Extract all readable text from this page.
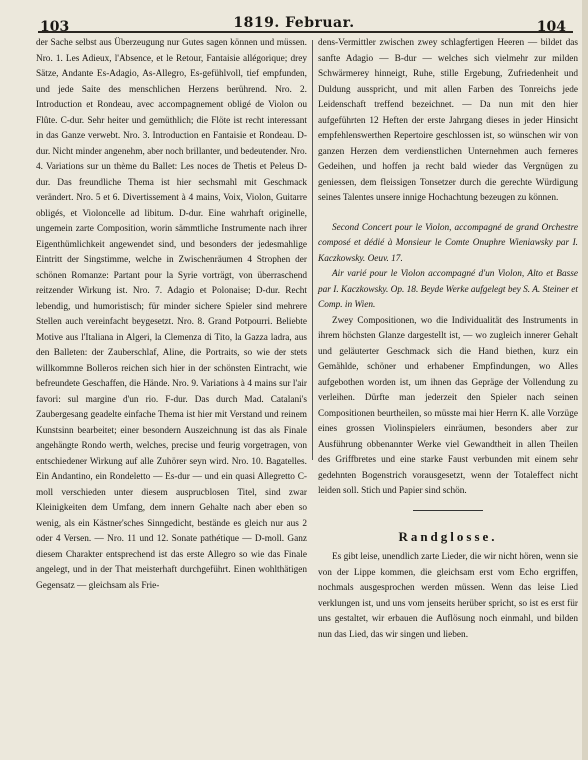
103	1819. Februar.	104

der Sache selbst aus Überzeugung nur Gutes sagen können und müssen. Nro. 1. Les Adieux, l'Absence, et le Retour, Fantaisie allégorique; drey Sätze, Andante Es-Adagio, As-Allegro, Es-gefühlvoll, tief empfunden, und jede Saite des menschlichen Herzens berührend. Nro. 2. Introduction et Rondeau, avec accompagnement obligé de Violon ou Flûte. C-dur. Sehr heiter und gemüthlich; die Flöte ist recht interessant in das Ganze verwebt. Nro. 3. Introduction en Fantaisie et Rondeau. D-dur. Nicht minder angenehm, aber noch brillanter, und bedeutender. Nro. 4. Variations sur un thème du Ballet: Les noces de Thetis et Peleus D-dur. Das freundliche Thema ist hier sechsmahl mit Geschmack verändert. Nro. 5 et 6. Divertissement à 4 mains, Voix, Violon, Guitarre obligés, et Violoncelle ad libitum. D-dur. Eine wahrhaft originelle, ungemein zarte Composition, worin sämmtliche Instrumente nach ihrer Eigenthümlichkeit angewendet sind, und besonders der jedesmahlige Eintritt der Singstimme, welche in Zwischenräumen 4 Strophen der schönen Romanze: Partant pour la Syrie vorträgt, von überraschend reitzender Wirkung ist. Nro. 7. Adagio et Polonaise; D-dur. Recht lebendig, und humoristisch; für minder sichere Spieler sind mehrere Stellen auch vereinfacht beygesetzt. Nro. 8. Grand Potpourri. Beliebte Motive aus l'Italiana in Algeri, la Clemenza di Tito, la Gazza ladra, aus den Balleten: der Zauberschlaf, Aline, die Portraits, so wie der stets willkommne Bolleros reichen sich hier in der schönsten Eintracht, wie befreundete Geschaffen, die Hände. Nro. 9. Variations à 4 mains sur l'air favori: sul margine d'un rio. F-dur. Das durch Mad. Catalani's Zaubergesang geadelte einfache Thema ist hier mit Verstand und reinem Kunstsinn bearbeitet; einer besondern Auszeichnung ist das als Finale angehängte Rondo werth, welches, precise und feurig vorgetragen, von entschiedener Wirkung auf alle Zuhörer seyn wird. Nro. 10. Bagatelles. Ein Andantino, ein Rondeletto — Es-dur — und ein quasi Allegretto C-moll verschieden unter diesem ausprucblosen Titel, sind zwar Kleinigkeiten dem Umfang, dem innern Gehalte nach aber eben so wenig, als ein Kästner'sches Sinngedicht, bestände es gleich nur aus 2 oder 4 Versen. — Nro. 11 und 12. Sonate pathétique — D-moll. Ganz diesem Charakter entsprechend ist das erste Allegro so wie das Finale angelegt, und in der That meisterhaft durchgeführt. Einen wohlthätigen Gegensatz — gleichsam als Frie-

dens-Vermittler zwischen zwey schlagfertigen Heeren — bildet das sanfte Adagio — B-dur — welches sich vielmehr zur milden Schwärmerey hinneigt, Ruhe, stille Ergebung, Zufriedenheit und Duldung ausspricht, und mit allen Farben des Tonreichs jede Leidenschaft treffend bezeichnet. — Da nun mit den hier aufgeführten 12 Heften der erste Jahrgang dieses in jeder Hinsicht empfehlenswerthen Repertoire geschlossen ist, so wünschen wir von ganzen Herzen dem verdienstlichen Unternehmen auch ferneres Gedeihen, und hoffen ja recht bald wieder das Vergnügen zu geniessen, dem fleissigen Tonsetzer durch die gerechte Würdigung seines Talentes unsere innige Hochachtung bezeugen zu können.

Second Concert pour le Violon, accompagné de grand Orchestre composé et dédié à Monsieur le Comte Onuphre Wieniawsky par I. Kaczkowsky. Oeuv. 17.

Air varié pour le Violon accompagné d'un Violon, Alto et Basse par I. Kaczkowsky. Op. 18. Beyde Werke aufgelegt bey S. A. Steiner et Comp. in Wien.

Zwey Compositionen, wo die Individualität des Instruments in ihrem höchsten Glanze dargestellt ist, — wo zugleich innerer Gehalt und geläuterter Geschmack sich die Hand biethen, kurz ein Gemählde, schöner und erhabener Empfindungen, wo Alles aufgebothen worden ist, um ihnen das Gepräge der Vollendung zu verleihen. Dürfte man jederzeit den Spieler nach seinen Compositionen beurtheilen, so müsste mai hier Herrn K. alle Vorzüge eines grossen Violinspielers einräumen, besonders aber zur Ausführung obbenannter Werke viel Gewandtheit in allen Theilen des Griffbretes und eine starke Faust verbunden mit einem sehr gedehnten Bogenstrich vorausgesetzt, wenn der Totaleffect nicht leiden soll. Stich und Papier sind schön.

Randglosse.

Es gibt leise, unendlich zarte Lieder, die wir nicht hören, wenn sie von der Lippe kommen, die gleichsam erst vom Echo ergriffen, nochmals ausgesprochen werden müssen. Wenn das leise Lied verklungen ist, und uns vom jenseits herüber spricht, so ist es erst für uns gestaltet, wir erbauen die Auflösung noch einmahl, und bilden nun das Lied, das wir singen und lieben.
